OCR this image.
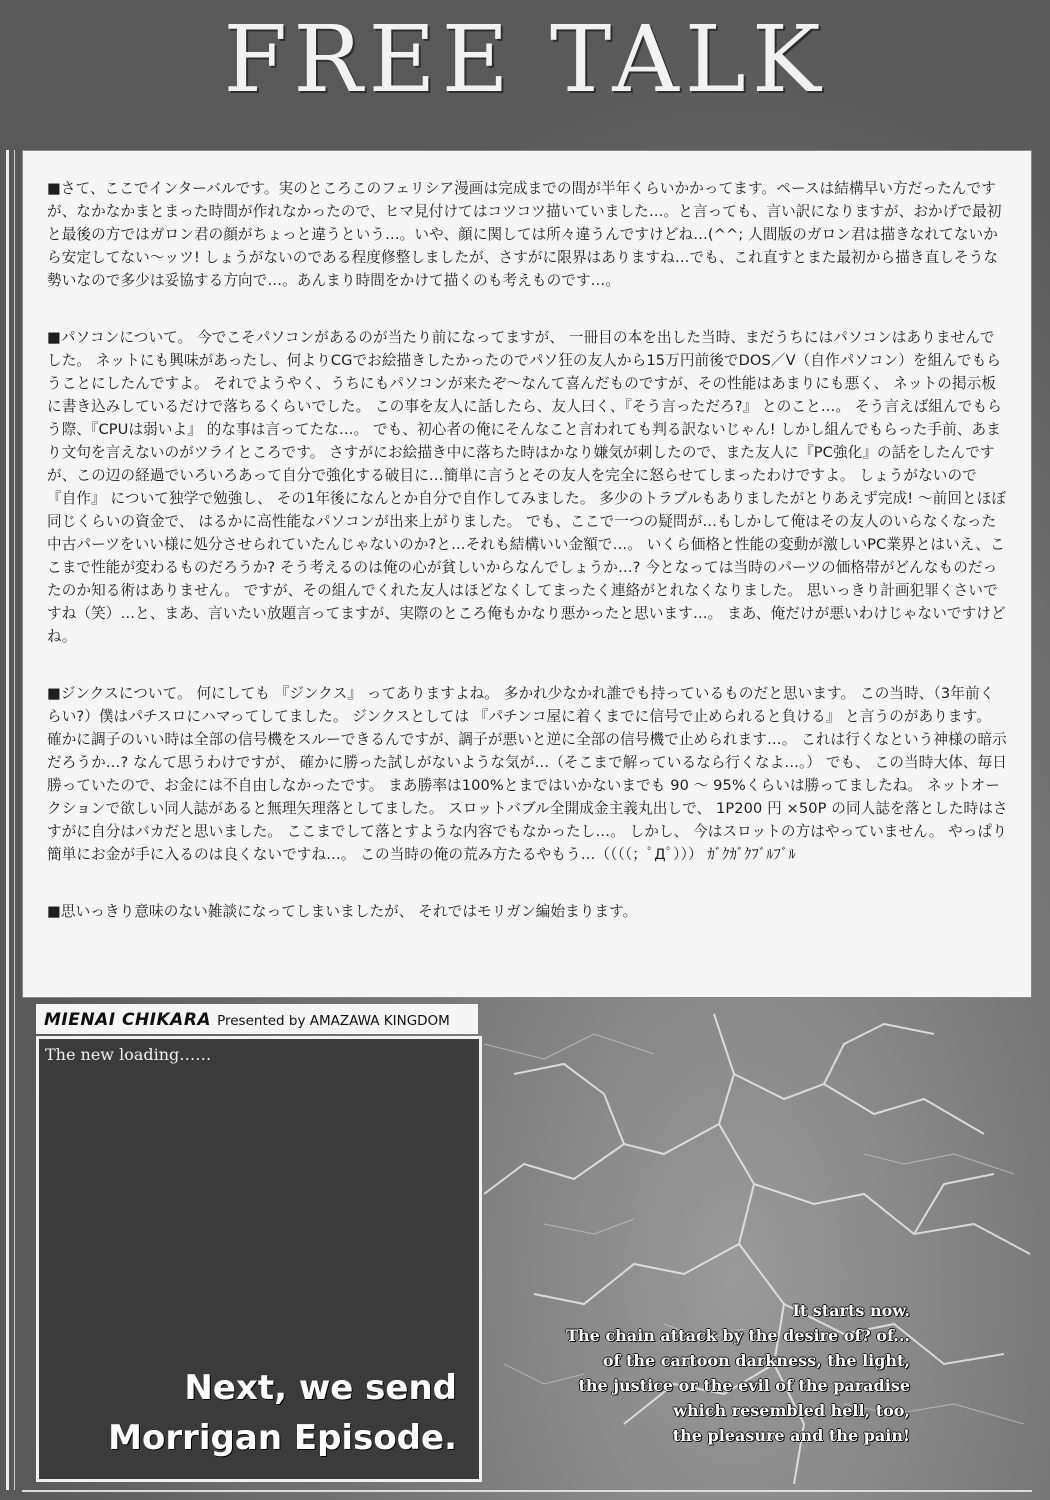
FREE TALK

■さて、ここでインターバルです。実のところこのフェリシア漫画は完成までの間が半年くらいかかってます。ペースは結構早い方だったんですが、なかなかまとまった時間が作れなかったので、ヒマ見付けてはコツコツ描いていました…。と言っても、言い訳になりますが、おかげで最初と最後の方ではガロン君の顔がちょっと違うという…。いや、顔に関しては所々違うんですけどね…(^^; 人間版のガロン君は描きなれてないから安定してない～ッツ! しょうがないのである程度修整しましたが、さすがに限界はありますね…でも、これ直すとまた最初から描き直しそうな勢いなので多少は妥協する方向で…。あんまり時間をかけて描くのも考えものです…。

■パソコンについて。 今でこそパソコンがあるのが当たり前になってますが、 一冊目の本を出した当時、まだうちにはパソコンはありませんでした。 ネットにも興味があったし、何よりCGでお絵描きしたかったのでパソ狂の友人から15万円前後でDOS／V（自作パソコン）を組んでもらうことにしたんですよ。 それでようやく、うちにもパソコンが来たぞ～なんて喜んだものですが、その性能はあまりにも悪く、 ネットの掲示板に書き込みしているだけで落ちるくらいでした。 この事を友人に話したら、友人曰く、『そう言っただろ?』 とのこと…。 そう言えば組んでもらう際、『CPUは弱いよ』 的な事は言ってたな…。 でも、初心者の俺にそんなこと言われても判る訳ないじゃん! しかし組んでもらった手前、あまり文句を言えないのがツライところです。 さすがにお絵描き中に落ちた時はかなり嫌気が刺したので、また友人に『PC強化』の話をしたんですが、この辺の経過でいろいろあって自分で強化する破目に…簡単に言うとその友人を完全に怒らせてしまったわけですよ。 しょうがないので 『自作』 について独学で勉強し、 その1年後になんとか自分で自作してみました。 多少のトラブルもありましたがとりあえず完成! ～前回とほぼ同じくらいの資金で、 はるかに高性能なパソコンが出来上がりました。 でも、ここで一つの疑問が…もしかして俺はその友人のいらなくなった中古パーツをいい様に処分させられていたんじゃないのか?と…それも結構いい金額で…。 いくら価格と性能の変動が激しいPC業界とはいえ、ここまで性能が変わるものだろうか? そう考えるのは俺の心が貧しいからなんでしょうか…? 今となっては当時のパーツの価格帯がどんなものだったのか知る術はありません。 ですが、その組んでくれた友人はほどなくしてまったく連絡がとれなくなりました。 思いっきり計画犯罪くさいですね（笑）…と、まあ、言いたい放題言ってますが、実際のところ俺もかなり悪かったと思います…。 まあ、俺だけが悪いわけじゃないですけどね。

■ジンクスについて。 何にしても 『ジンクス』 ってありますよね。 多かれ少なかれ誰でも持っているものだと思います。 この当時、（3年前くらい?）僕はパチスロにハマってしてました。 ジンクスとしては 『パチンコ屋に着くまでに信号で止められると負ける』 と言うのがあります。 確かに調子のいい時は全部の信号機をスルーできるんですが、調子が悪いと逆に全部の信号機で止められます…。 これは行くなという神様の暗示だろうか…? なんて思うわけですが、 確かに勝った試しがないような気が…（そこまで解っているなら行くなよ…。） でも、 この当時大体、毎日勝っていたので、お金には不自由しなかったです。 まあ勝率は100%とまではいかないまでも 90 ～ 95%くらいは勝ってましたね。 ネットオークションで欲しい同人誌があると無理矢理落としてました。 スロットバブル全開成金主義丸出しで、 1P200 円 ×50P の同人誌を落とした時はさすがに自分はバカだと思いました。 ここまでして落とすような内容でもなかったし…。 しかし、 今はスロットの方はやっていません。 やっぱり簡単にお金が手に入るのは良くないですね…。 この当時の俺の荒み方たるやもう…（（（（；ﾟДﾟ））） ｶﾞｸｶﾞｸﾌﾞﾙﾌﾞﾙ

■思いっきり意味のない雑談になってしまいましたが、 それではモリガン編始まります。

MIENAI CHIKARA Presented by AMAZAWA KINGDOM
The new loading……
Next, we send
Morrigan Episode.
It starts now.
The chain attack by the desire of? of...
of the cartoon darkness, the light,
the justice or the evil of the paradise
which resembled hell, too,
the pleasure and the pain!
